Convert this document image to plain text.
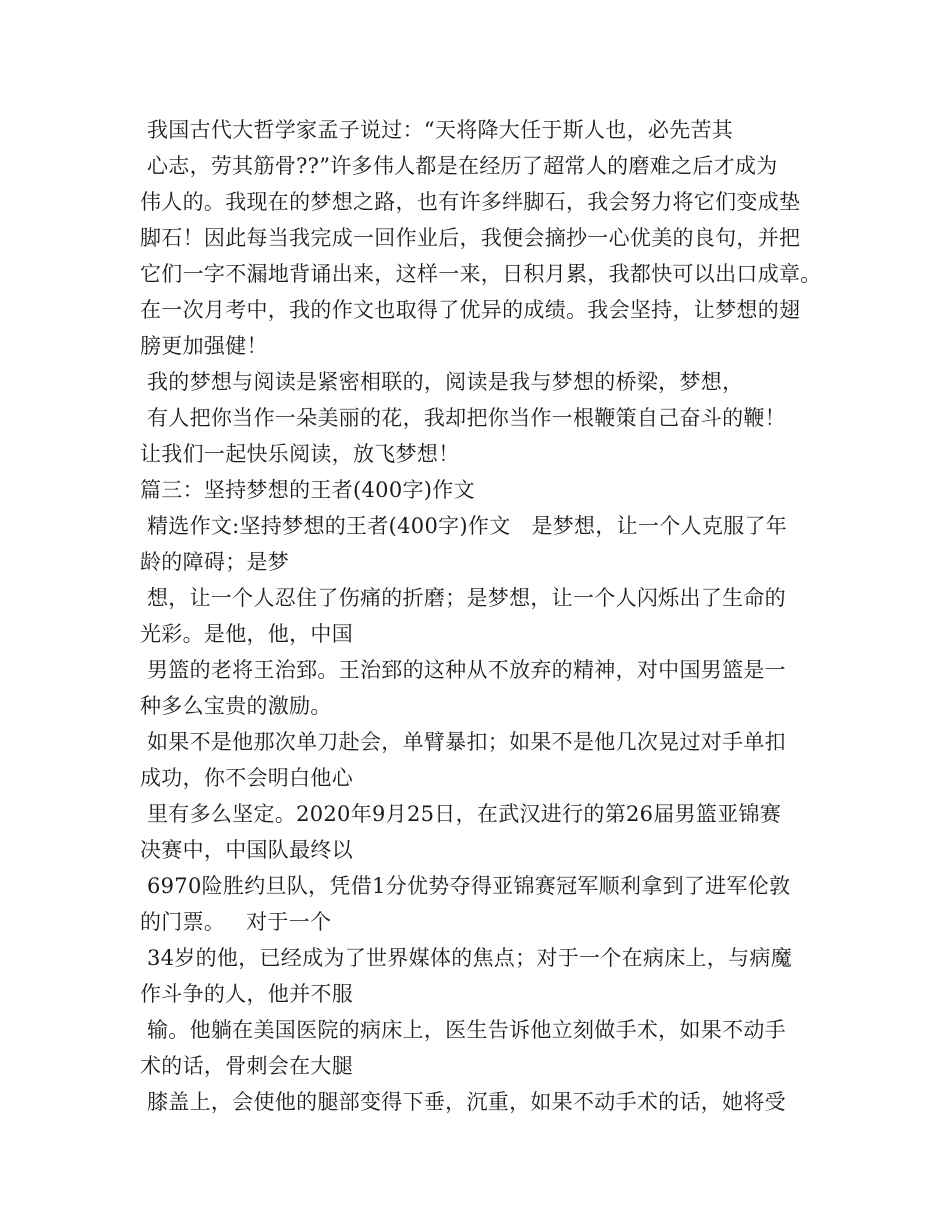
我国古代大哲学家孟子说过：“天将降大任于斯人也，必先苦其
心志，劳其筋骨??”许多伟人都是在经历了超常人的磨难之后才成为
伟人的。我现在的梦想之路，也有许多绊脚石，我会努力将它们变成垫
脚石！因此每当我完成一回作业后，我便会摘抄一心优美的良句，并把
它们一字不漏地背诵出来，这样一来，日积月累，我都快可以出口成章。
在一次月考中，我的作文也取得了优异的成绩。我会坚持，让梦想的翅
膀更加强健！
我的梦想与阅读是紧密相联的，阅读是我与梦想的桥梁，梦想，
有人把你当作一朵美丽的花，我却把你当作一根鞭策自己奋斗的鞭！
让我们一起快乐阅读，放飞梦想！
篇三：坚持梦想的王者(400字)作文
精选作文:坚持梦想的王者(400字)作文   是梦想，让一个人克服了年
龄的障碍；是梦
想，让一个人忍住了伤痛的折磨；是梦想，让一个人闪烁出了生命的
光彩。是他，他，中国
男篮的老将王治郅。王治郅的这种从不放弃的精神，对中国男篮是一
种多么宝贵的激励。
如果不是他那次单刀赴会，单臂暴扣；如果不是他几次晃过对手单扣
成功，你不会明白他心
里有多么坚定。2020年9月25日，在武汉进行的第26届男篮亚锦赛
决赛中，中国队最终以
6970险胜约旦队，凭借1分优势夺得亚锦赛冠军顺利拿到了进军伦敦
的门票。   对于一个
34岁的他，已经成为了世界媒体的焦点；对于一个在病床上，与病魔
作斗争的人，他并不服
输。他躺在美国医院的病床上，医生告诉他立刻做手术，如果不动手
术的话，骨刺会在大腿
膝盖上，会使他的腿部变得下垂，沉重，如果不动手术的话，她将受
